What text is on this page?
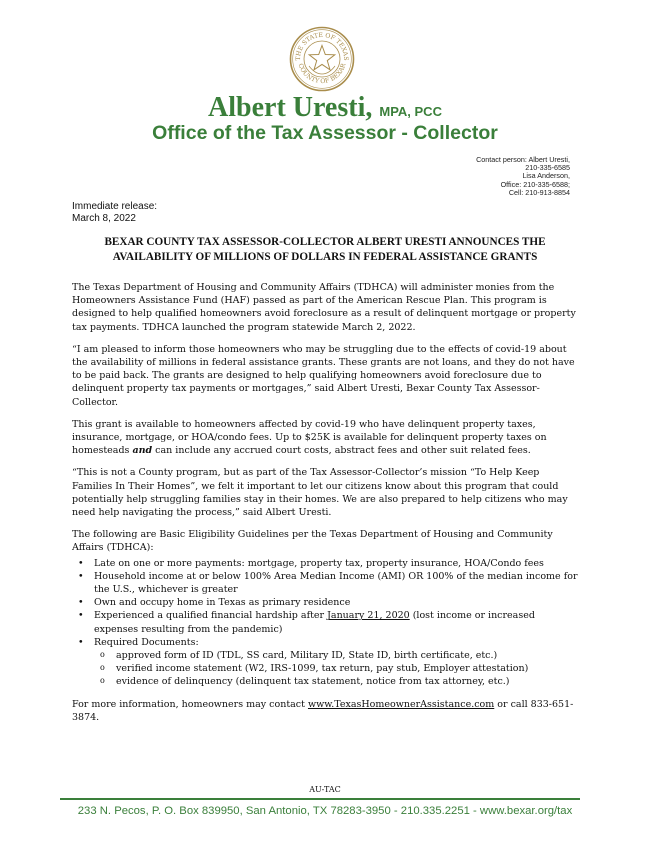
THE STATE OF TEXAS
COUNTY OF BEXAR
Albert Uresti, MPA, PCC
Office of the Tax Assessor - Collector
Contact person: Albert Uresti,
210-335-6585
Lisa Anderson,
Office: 210-335-6588;
Cell: 210-913-8854
Immediate release:
March 8, 2022
BEXAR COUNTY TAX ASSESSOR-COLLECTOR ALBERT URESTI ANNOUNCES THE
AVAILABILITY OF MILLIONS OF DOLLARS IN FEDERAL ASSISTANCE GRANTS

The Texas Department of Housing and Community Affairs (TDHCA) will administer monies from the Homeowners Assistance Fund (HAF) passed as part of the American Rescue Plan. This program is designed to help qualified homeowners avoid foreclosure as a result of delinquent mortgage or property tax payments. TDHCA launched the program statewide March 2, 2022.

“I am pleased to inform those homeowners who may be struggling due to the effects of covid-19 about the availability of millions in federal assistance grants. These grants are not loans, and they do not have to be paid back. The grants are designed to help qualifying homeowners avoid foreclosure due to delinquent property tax payments or mortgages,” said Albert Uresti, Bexar County Tax Assessor-Collector.

This grant is available to homeowners affected by covid-19 who have delinquent property taxes, insurance, mortgage, or HOA/condo fees. Up to $25K is available for delinquent property taxes on homesteads and can include any accrued court costs, abstract fees and other suit related fees.

“This is not a County program, but as part of the Tax Assessor-Collector’s mission “To Help Keep Families In Their Homes”, we felt it important to let our citizens know about this program that could potentially help struggling families stay in their homes. We are also prepared to help citizens who may need help navigating the process,” said Albert Uresti.

The following are Basic Eligibility Guidelines per the Texas Department of Housing and Community Affairs (TDHCA):

• Late on one or more payments: mortgage, property tax, property insurance, HOA/Condo fees
• Household income at or below 100% Area Median Income (AMI) OR 100% of the median income for the U.S., whichever is greater
• Own and occupy home in Texas as primary residence
• Experienced a qualified financial hardship after January 21, 2020 (lost income or increased expenses resulting from the pandemic)
• Required Documents:
o approved form of ID (TDL, SS card, Military ID, State ID, birth certificate, etc.)
o verified income statement (W2, IRS-1099, tax return, pay stub, Employer attestation)
o evidence of delinquency (delinquent tax statement, notice from tax attorney, etc.)

For more information, homeowners may contact www.TexasHomeownerAssistance.com or call 833-651-3874.

AU-TAC
233 N. Pecos, P. O. Box 839950, San Antonio, TX 78283-3950 - 210.335.2251 - www.bexar.org/tax
